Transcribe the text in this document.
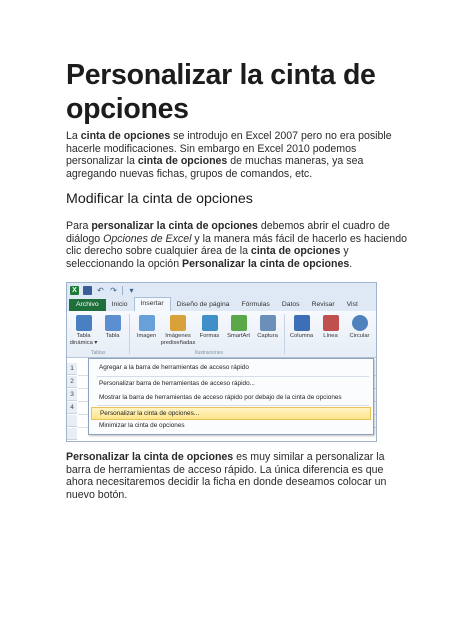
Personalizar la cinta de opciones

La cinta de opciones se introdujo en Excel 2007 pero no era posible hacerle modificaciones. Sin embargo en Excel 2010 podemos personalizar la cinta de opciones de muchas maneras, ya sea agregando nuevas fichas, grupos de comandos, etc.

Modificar la cinta de opciones

Para personalizar la cinta de opciones debemos abrir el cuadro de diálogo Opciones de Excel y la manera más fácil de hacerlo es haciendo clic derecho sobre cualquier área de la cinta de opciones y seleccionando la opción Personalizar la cinta de opciones.

Personalizar la cinta de opciones es muy similar a personalizar la barra de herramientas de acceso rápido. La única diferencia es que ahora necesitaremos decidir la ficha en donde deseamos colocar un nuevo botón.

X	↶ ↷	▾
Archivo	Inicio	Insertar	Diseño de página	Fórmulas	Datos	Revisar	Vist
Tabla dinámica ▾
Tabla	Imagen	Imágenes prediseñadas
Formas SmartArt Captura Columna Línea Circular
Tablas	Ilustraciones
1
2
3
4
Agregar a la barra de herramientas de acceso rápido
Personalizar barra de herramientas de acceso rápido...
Mostrar la barra de herramientas de acceso rápido por debajo de la cinta de opciones
Personalizar la cinta de opciones...
Minimizar la cinta de opciones
